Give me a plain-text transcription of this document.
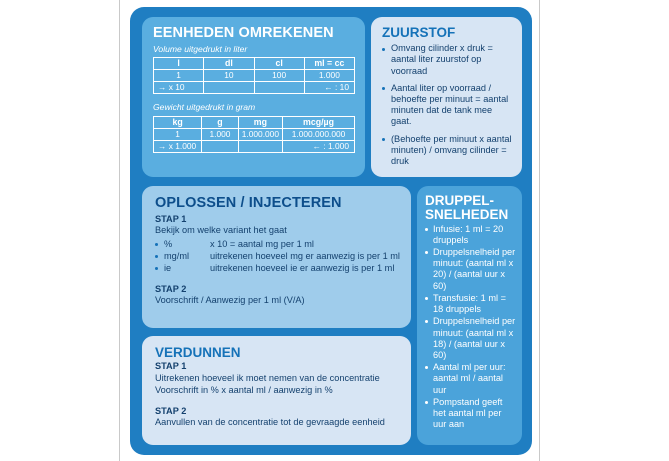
EENHEDEN OMREKENEN
Volume uitgedrukt in liter
l	dl	cl	ml = cc
1	10	100	1.000
→ x 10			← : 10
Gewicht uitgedrukt in gram
kg	g	mg	mcg/µg
1	1.000	1.000.000	1.000.000.000
→ x 1.000			← : 1.000
ZUURSTOF
Omvang cilinder x druk = aantal liter zuurstof op voorraad
Aantal liter op voorraad / behoefte per minuut = aantal minuten dat de tank mee gaat.
(Behoefte per minuut x aantal minuten) / omvang cilinder = druk
OPLOSSEN / INJECTEREN
STAP 1
Bekijk om welke variant het gaat
%	x 10 = aantal mg per 1 ml
mg/ml uitrekenen hoeveel mg er aanwezig is per 1 ml
ie	uitrekenen hoeveel ie er aanwezig is per 1 ml
STAP 2
Voorschrift / Aanwezig per 1 ml (V/A)
DRUPPEL-
SNELHEDEN
Infusie: 1 ml = 20 druppels
Druppelsnelheid per minuut: (aantal ml x 20) / (aantal uur x 60)
Transfusie: 1 ml = 18 druppels
Druppelsnelheid per minuut: (aantal ml x 18) / (aantal uur x 60)
Aantal ml per uur: aantal ml / aantal uur
Pompstand geeft het aantal ml per uur aan
VERDUNNEN
STAP 1
Uitrekenen hoeveel ik moet nemen van de concentratie
Voorschrift in % x aantal ml / aanwezig in %
STAP 2
Aanvullen van de concentratie tot de gevraagde eenheid
